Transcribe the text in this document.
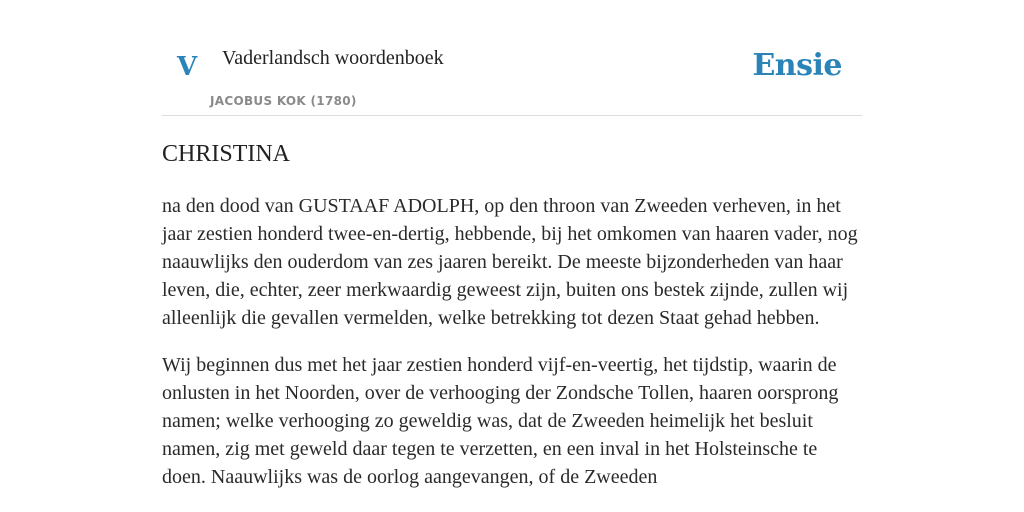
V Vaderlandsch woordenboek
JACOBUS KOK (1780)
Ensie
CHRISTINA

na den dood van GUSTAAF ADOLPH, op den throon van Zweeden verheven, in het jaar zestien honderd twee-en-dertig, hebbende, bij het omkomen van haaren vader, nog naauwlijks den ouderdom van zes jaaren bereikt. De meeste bijzonderheden van haar leven, die, echter, zeer merkwaardig geweest zijn, buiten ons bestek zijnde, zullen wij alleenlijk die gevallen vermelden, welke betrekking tot dezen Staat gehad hebben.

Wij beginnen dus met het jaar zestien honderd vijf-en-veertig, het tijdstip, waarin de onlusten in het Noorden, over de verhooging der Zondsche Tollen, haaren oorsprong namen; welke verhooging zo geweldig was, dat de Zweeden heimelijk het besluit namen, zig met geweld daar tegen te verzetten, en een inval in het Holsteinsche te doen. Naauwlijks was de oorlog aangevangen, of de Zweeden
